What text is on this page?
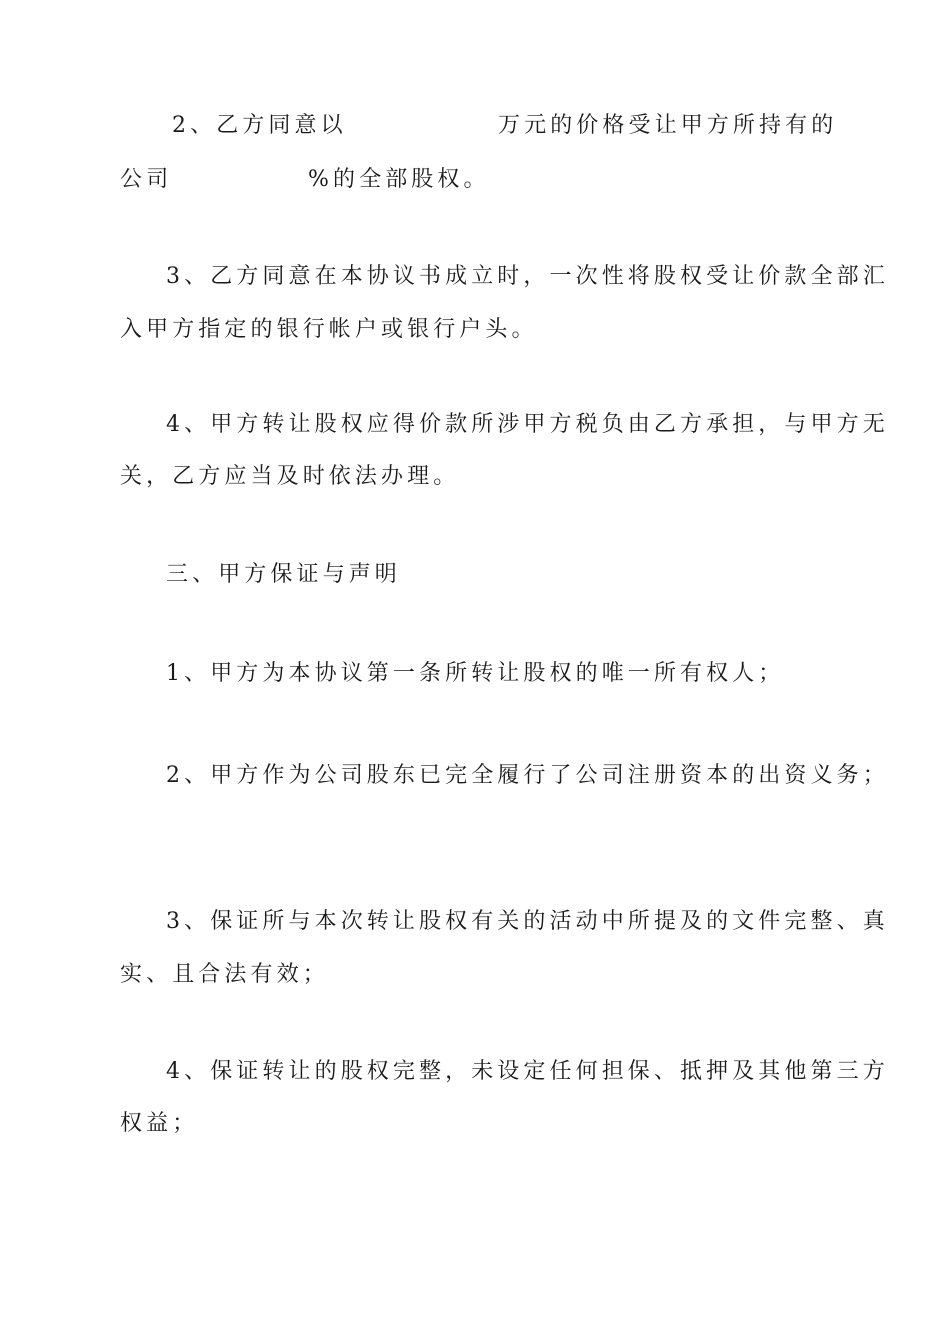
2、乙方同意以	万元的价格受让甲方所持有的
公司	%的全部股权。
3、乙方同意在本协议书成立时，一次性将股权受让价款全部汇
入甲方指定的银行帐户或银行户头。
4、甲方转让股权应得价款所涉甲方税负由乙方承担，与甲方无
关，乙方应当及时依法办理。
三、甲方保证与声明
1、甲方为本协议第一条所转让股权的唯一所有权人；
2、甲方作为公司股东已完全履行了公司注册资本的出资义务；
3、保证所与本次转让股权有关的活动中所提及的文件完整、真
实、且合法有效；
4、保证转让的股权完整，未设定任何担保、抵押及其他第三方
权益；
